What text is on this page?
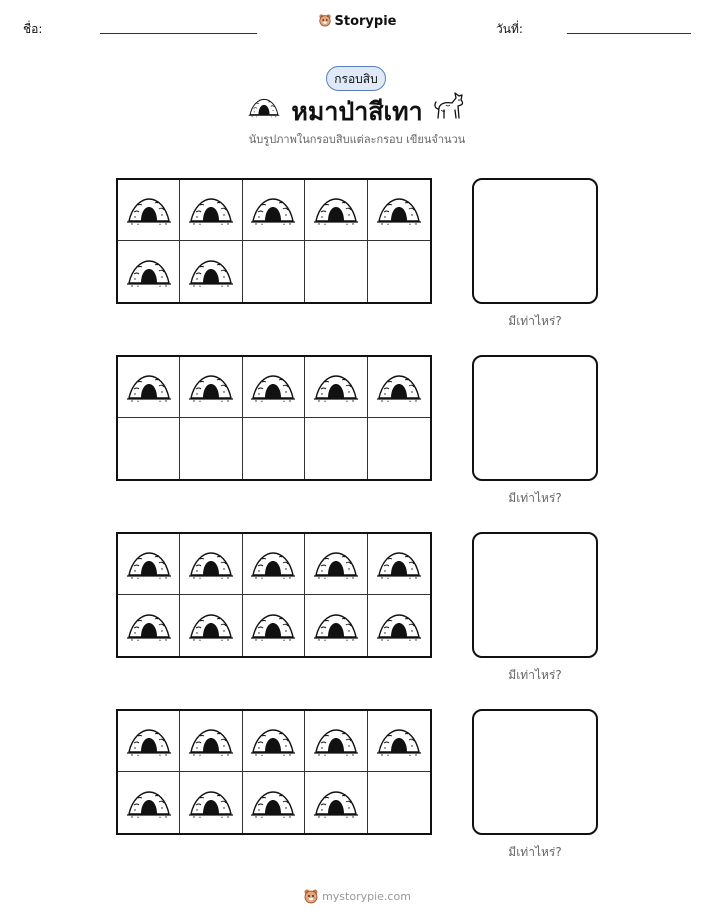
ชื่อ:	Storypie	วันที่:
กรอบสิบ
หมาป่าสีเทา
นับรูปภาพในกรอบสิบแต่ละกรอบ เขียนจำนวน
มีเท่าไหร่?
มีเท่าไหร่?
มีเท่าไหร่?
มีเท่าไหร่?
mystorypie.com
